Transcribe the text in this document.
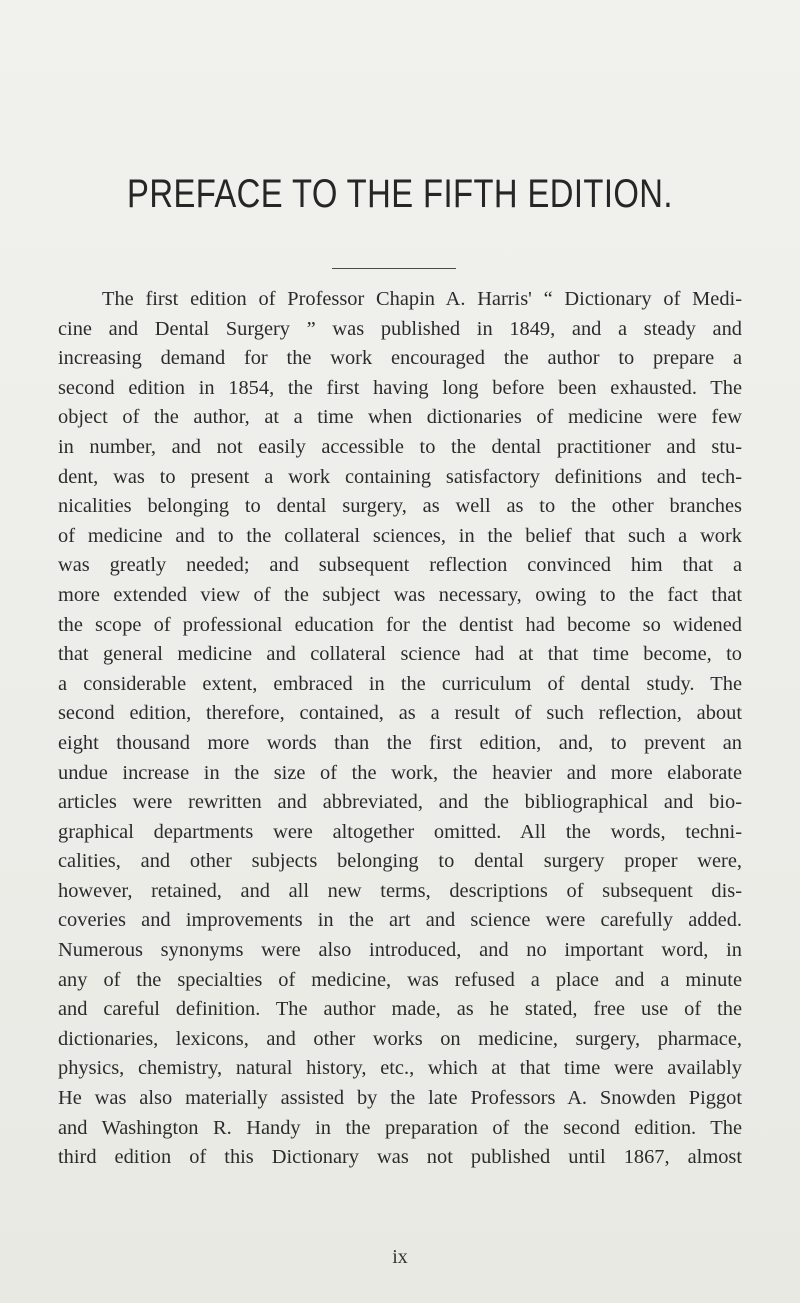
PREFACE TO THE FIFTH EDITION.
The first edition of Professor Chapin A. Harris' “ Dictionary of Medi-
cine and Dental Surgery ” was published in 1849, and a steady and
increasing demand for the work encouraged the author to prepare a
second edition in 1854, the first having long before been exhausted. The
object of the author, at a time when dictionaries of medicine were few
in number, and not easily accessible to the dental practitioner and stu-
dent, was to present a work containing satisfactory definitions and tech-
nicalities belonging to dental surgery, as well as to the other branches
of medicine and to the collateral sciences, in the belief that such a work
was greatly needed; and subsequent reflection convinced him that a
more extended view of the subject was necessary, owing to the fact that
the scope of professional education for the dentist had become so widened
that general medicine and collateral science had at that time become, to
a considerable extent, embraced in the curriculum of dental study. The
second edition, therefore, contained, as a result of such reflection, about
eight thousand more words than the first edition, and, to prevent an
undue increase in the size of the work, the heavier and more elaborate
articles were rewritten and abbreviated, and the bibliographical and bio-
graphical departments were altogether omitted. All the words, techni-
calities, and other subjects belonging to dental surgery proper were,
however, retained, and all new terms, descriptions of subsequent dis-
coveries and improvements in the art and science were carefully added.
Numerous synonyms were also introduced, and no important word, in
any of the specialties of medicine, was refused a place and a minute
and careful definition. The author made, as he stated, free use of the
dictionaries, lexicons, and other works on medicine, surgery, pharmace,
physics, chemistry, natural history, etc., which at that time were availably
He was also materially assisted by the late Professors A. Snowden Piggot
and Washington R. Handy in the preparation of the second edition. The
third edition of this Dictionary was not published until 1867, almost
ix
